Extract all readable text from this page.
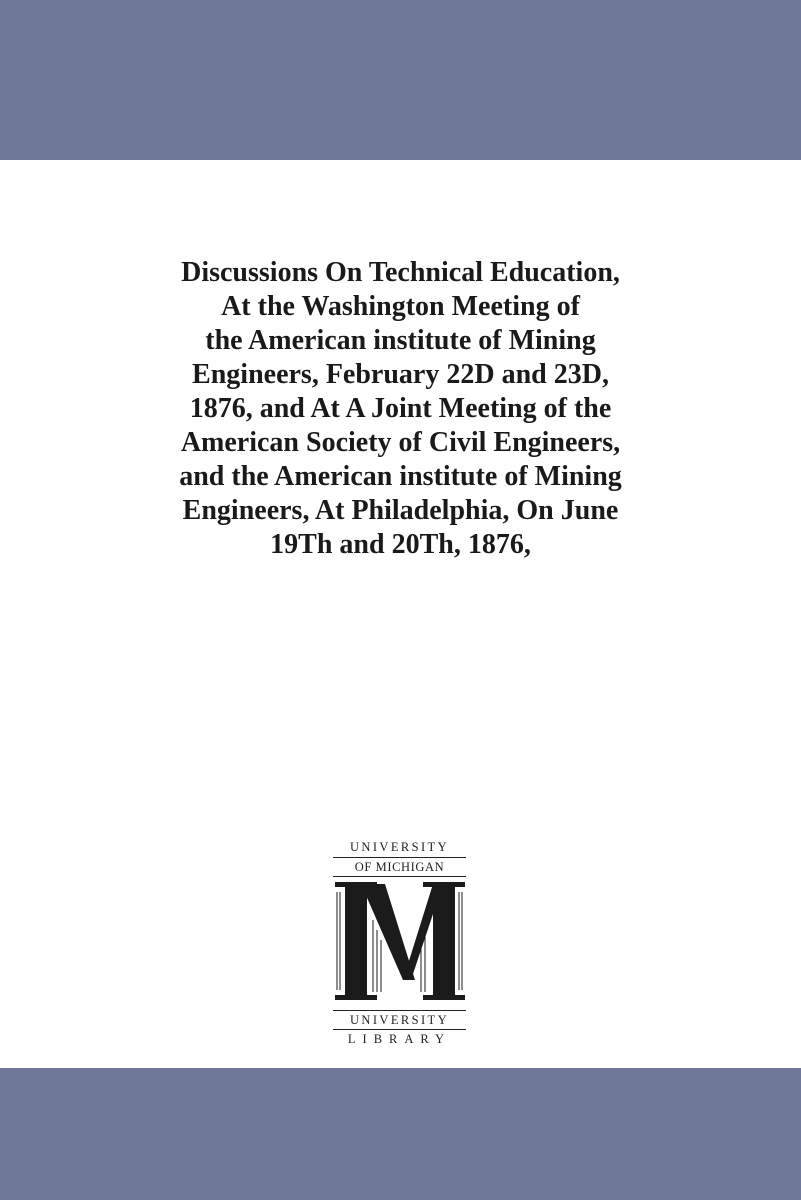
Discussions On Technical Education,
At the Washington Meeting of
the American institute of Mining
Engineers, February 22D and 23D,
1876, and At A Joint Meeting of the
American Society of Civil Engineers,
and the American institute of Mining
Engineers, At Philadelphia, On June
19Th and 20Th, 1876,
UNIVERSITY
OF MICHIGAN
UNIVERSITY
LIBRARY
